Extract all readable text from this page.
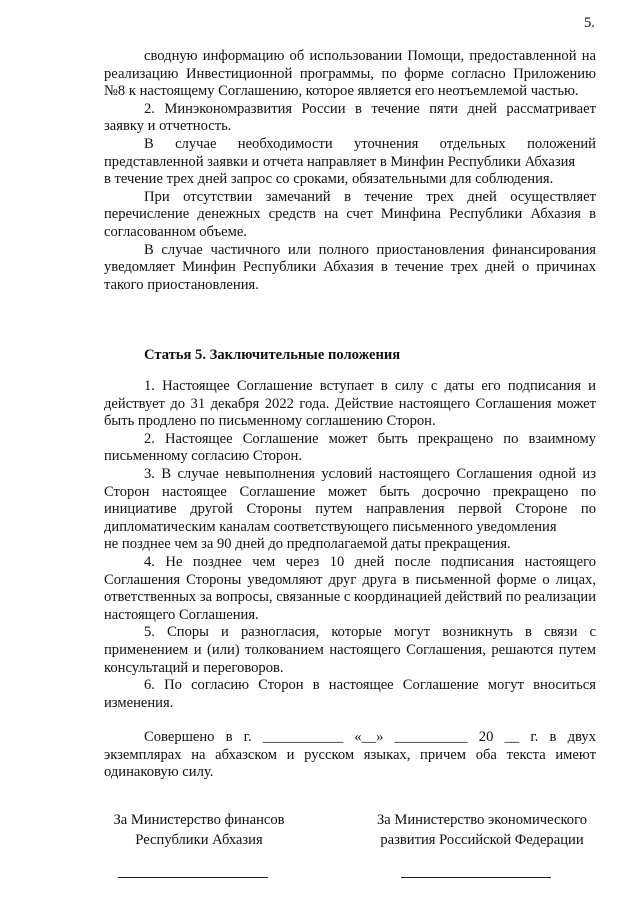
5.

сводную информацию об использовании Помощи, предоставленной на реализацию Инвестиционной программы, по форме согласно Приложению №8 к настоящему Соглашению, которое является его неотъемлемой частью.

2. Минэкономразвития России в течение пяти дней рассматривает заявку и отчетность.

В случае необходимости уточнения отдельных положений представленной заявки и отчета направляет в Минфин Республики Абхазия

в течение трех дней запрос со сроками, обязательными для соблюдения.

При отсутствии замечаний в течение трех дней осуществляет перечисление денежных средств на счет Минфина Республики Абхазия в согласованном объеме.

В случае частичного или полного приостановления финансирования уведомляет Минфин Республики Абхазия в течение трех дней о причинах такого приостановления.

Статья 5. Заключительные положения

1. Настоящее Соглашение вступает в силу с даты его подписания и действует до 31 декабря 2022 года. Действие настоящего Соглашения может быть продлено по письменному соглашению Сторон.

2. Настоящее Соглашение может быть прекращено по взаимному письменному согласию Сторон.

3. В случае невыполнения условий настоящего Соглашения одной из Сторон настоящее Соглашение может быть досрочно прекращено по инициативе другой Стороны путем направления первой Стороне по дипломатическим каналам соответствующего письменного уведомления

не позднее чем за 90 дней до предполагаемой даты прекращения.

4. Не позднее чем через 10 дней после подписания настоящего Соглашения Стороны уведомляют друг друга в письменной форме о лицах, ответственных за вопросы, связанные с координацией действий по реализации настоящего Соглашения.

5. Споры и разногласия, которые могут возникнуть в связи с применением и (или) толкованием настоящего Соглашения, решаются путем консультаций и переговоров.

6. По согласию Сторон в настоящее Соглашение могут вноситься изменения.

Совершено в г. ___________ «__» __________ 20 __ г. в двух экземплярах на абхазском и русском языках, причем оба текста имеют одинаковую силу.

За Министерство финансов
Республики Абхазия
За Министерство экономического
развития Российской Федерации
